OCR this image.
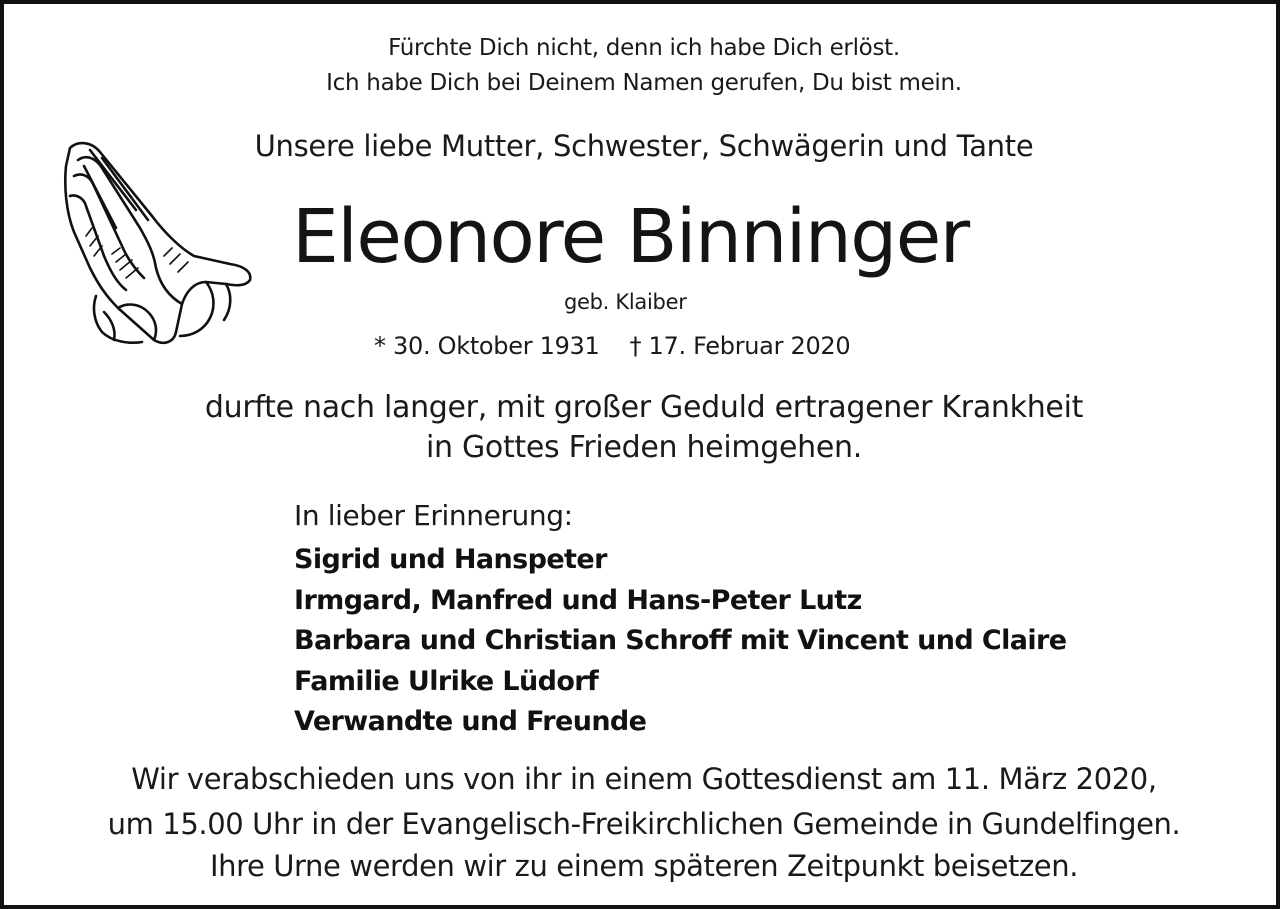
Fürchte Dich nicht, denn ich habe Dich erlöst.
Ich habe Dich bei Deinem Namen gerufen, Du bist mein.
Unsere liebe Mutter, Schwester, Schwägerin und Tante
Eleonore Binninger
geb. Klaiber
* 30. Oktober 1931 † 17. Februar 2020
durfte nach langer, mit großer Geduld ertragener Krankheit
in Gottes Frieden heimgehen.
In lieber Erinnerung:
Sigrid und Hanspeter
Irmgard, Manfred und Hans-Peter Lutz
Barbara und Christian Schroff mit Vincent und Claire
Familie Ulrike Lüdorf
Verwandte und Freunde
Wir verabschieden uns von ihr in einem Gottesdienst am 11. März 2020,
um 15.00 Uhr in der Evangelisch-Freikirchlichen Gemeinde in Gundelfingen.
Ihre Urne werden wir zu einem späteren Zeitpunkt beisetzen.
